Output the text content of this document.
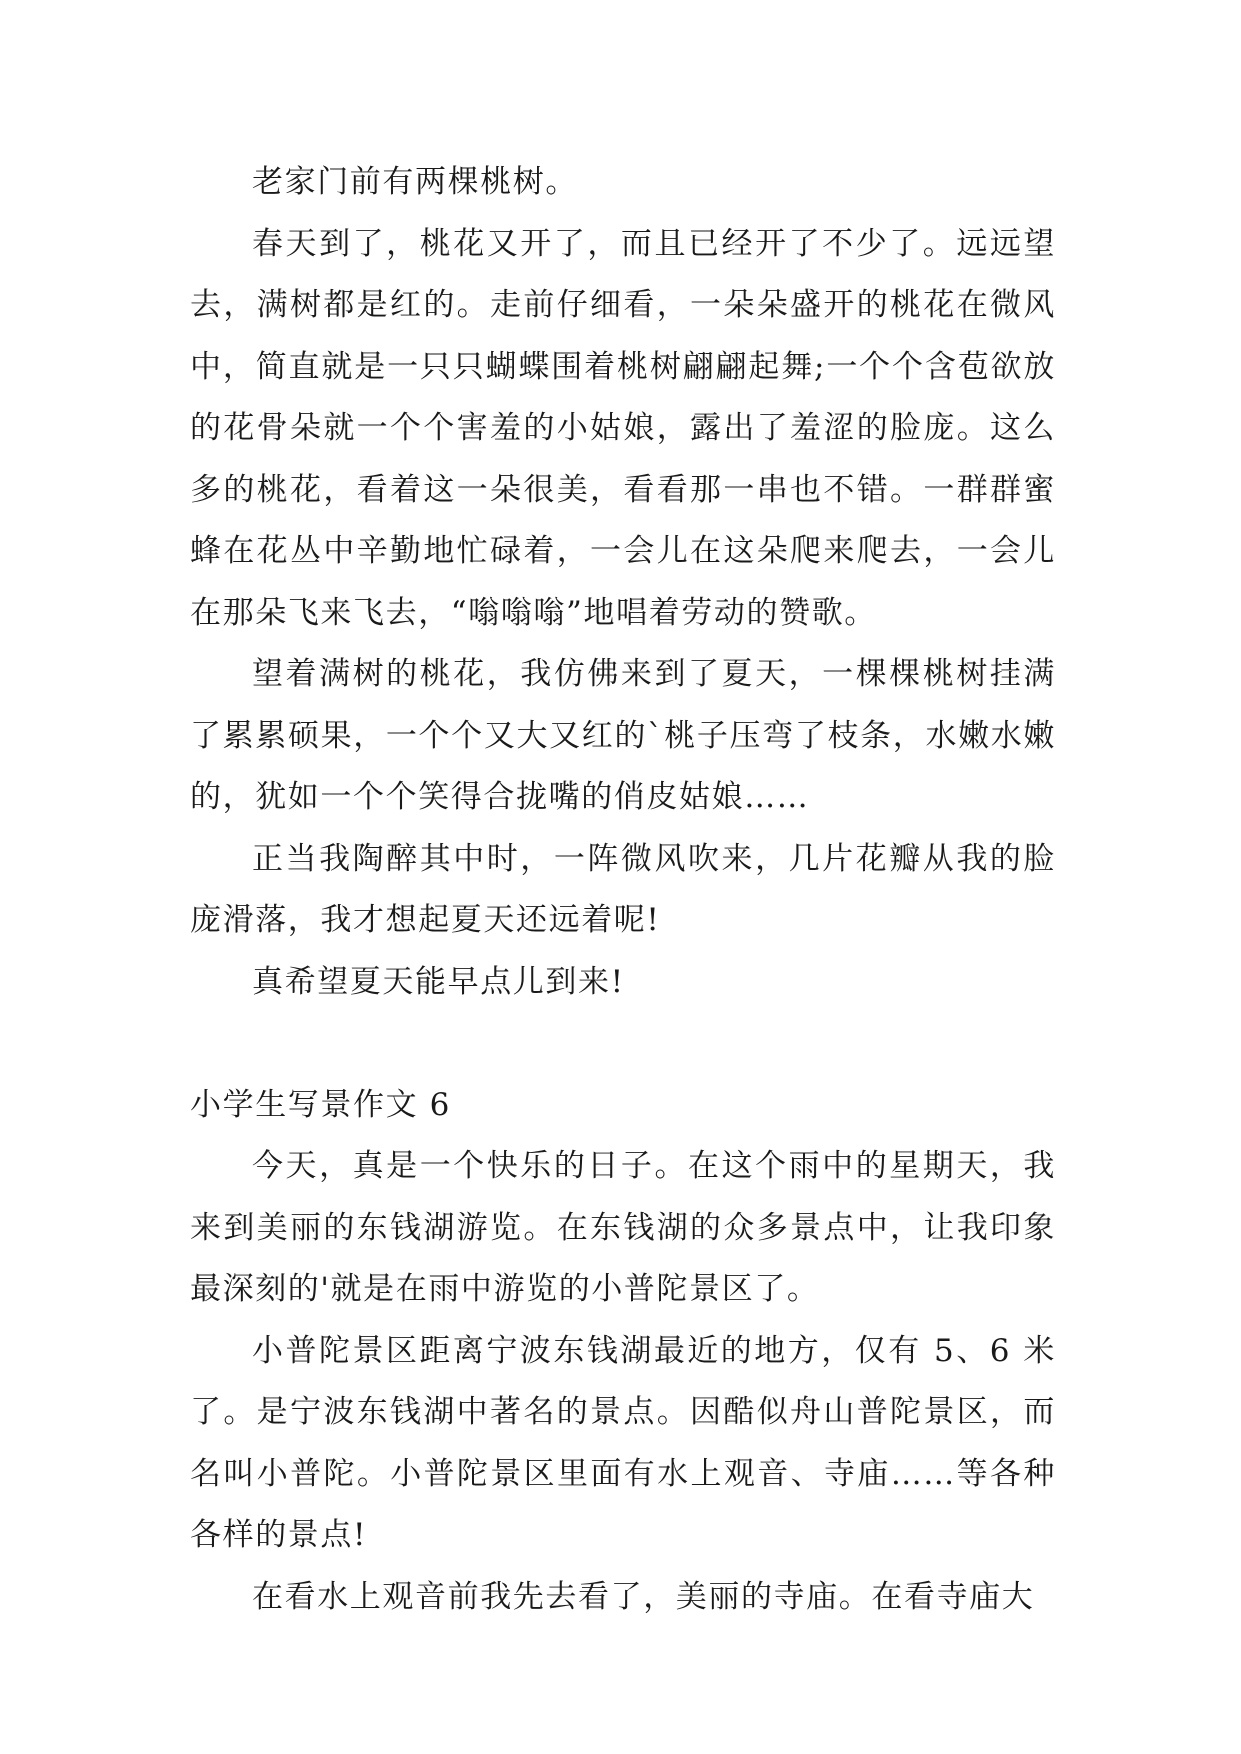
老家门前有两棵桃树。

春天到了，桃花又开了，而且已经开了不少了。远远望去，满树都是红的。走前仔细看，一朵朵盛开的桃花在微风中，简直就是一只只蝴蝶围着桃树翩翩起舞;一个个含苞欲放的花骨朵就一个个害羞的小姑娘，露出了羞涩的脸庞。这么多的桃花，看着这一朵很美，看看那一串也不错。一群群蜜蜂在花丛中辛勤地忙碌着，一会儿在这朵爬来爬去，一会儿在那朵飞来飞去，“嗡嗡嗡”地唱着劳动的赞歌。

望着满树的桃花，我仿佛来到了夏天，一棵棵桃树挂满了累累硕果，一个个又大又红的`桃子压弯了枝条，水嫩水嫩的，犹如一个个笑得合拢嘴的俏皮姑娘……

正当我陶醉其中时，一阵微风吹来，几片花瓣从我的脸庞滑落，我才想起夏天还远着呢!

真希望夏天能早点儿到来!

小学生写景作文 6

今天，真是一个快乐的日子。在这个雨中的星期天，我来到美丽的东钱湖游览。在东钱湖的众多景点中，让我印象最深刻的'就是在雨中游览的小普陀景区了。

小普陀景区距离宁波东钱湖最近的地方，仅有 5、6 米了。是宁波东钱湖中著名的景点。因酷似舟山普陀景区，而名叫小普陀。小普陀景区里面有水上观音、寺庙……等各种各样的景点!

在看水上观音前我先去看了，美丽的寺庙。在看寺庙大
